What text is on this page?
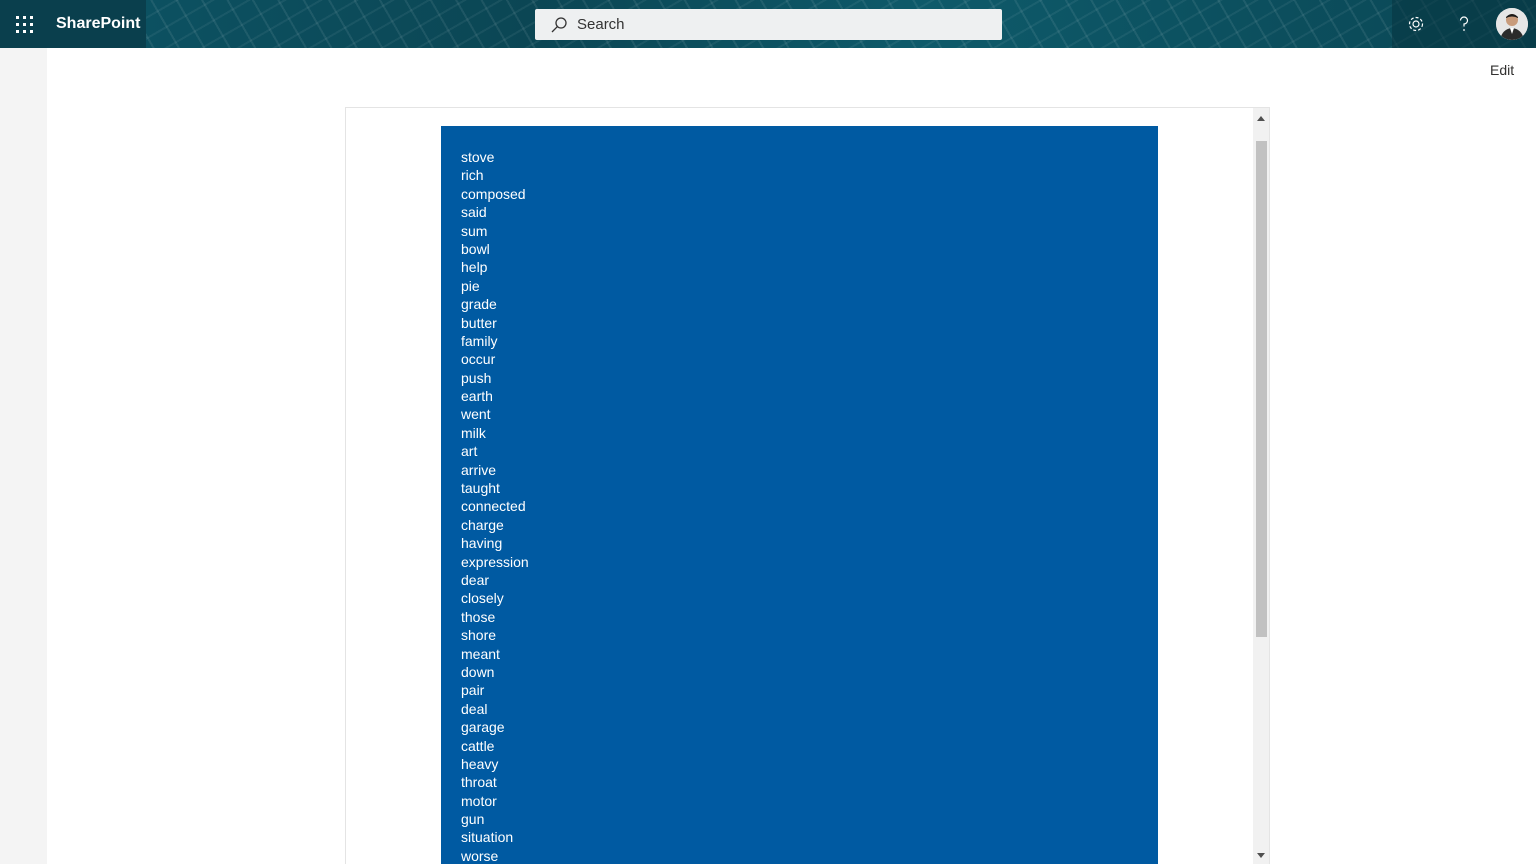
SharePoint	Search
Edit
stove
rich
composed
said
sum
bowl
help
pie
grade
butter
family
occur
push
earth
went
milk
art
arrive
taught
connected
charge
having
expression
dear
closely
those
shore
meant
down
pair
deal
garage
cattle
heavy
throat
motor
gun
situation
worse
